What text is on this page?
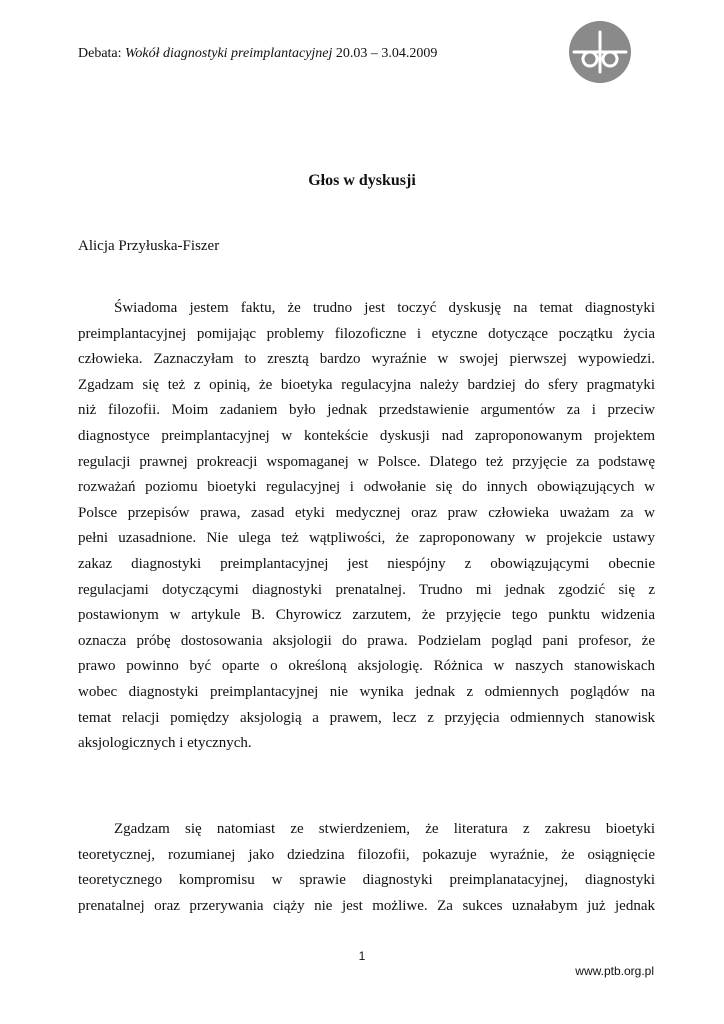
Debata: Wokół diagnostyki preimplantacyjnej 20.03 – 3.04.2009
Głos w dyskusji
Alicja Przyłuska-Fiszer
Świadoma jestem faktu, że trudno jest toczyć dyskusję na temat diagnostyki
preimplantacyjnej pomijając problemy filozoficzne i etyczne dotyczące początku życia
człowieka. Zaznaczyłam to zresztą bardzo wyraźnie w swojej pierwszej wypowiedzi.
Zgadzam się też z opinią, że bioetyka regulacyjna należy bardziej do sfery pragmatyki
niż filozofii. Moim zadaniem było jednak przedstawienie argumentów za i przeciw
diagnostyce preimplantacyjnej w kontekście dyskusji nad zaproponowanym projektem
regulacji prawnej prokreacji wspomaganej w Polsce. Dlatego też przyjęcie za podstawę
rozważań poziomu bioetyki regulacyjnej i odwołanie się do innych obowiązujących w
Polsce przepisów prawa, zasad etyki medycznej oraz praw człowieka uważam za w
pełni uzasadnione. Nie ulega też wątpliwości, że zaproponowany w projekcie ustawy
zakaz diagnostyki preimplantacyjnej jest niespójny z obowiązującymi obecnie
regulacjami dotyczącymi diagnostyki prenatalnej. Trudno mi jednak zgodzić się z
postawionym w artykule B. Chyrowicz zarzutem, że przyjęcie tego punktu widzenia
oznacza próbę dostosowania aksjologii do prawa. Podzielam pogląd pani profesor, że
prawo powinno być oparte o określoną aksjologię. Różnica w naszych stanowiskach
wobec diagnostyki preimplantacyjnej nie wynika jednak z odmiennych poglądów na
temat relacji pomiędzy aksjologią a prawem, lecz z przyjęcia odmiennych stanowisk
aksjologicznych i etycznych.
Zgadzam się natomiast ze stwierdzeniem, że literatura z zakresu bioetyki
teoretycznej, rozumianej jako dziedzina filozofii, pokazuje wyraźnie, że osiągnięcie
teoretycznego kompromisu w sprawie diagnostyki preimplanatacyjnej, diagnostyki
prenatalnej oraz przerywania ciąży nie jest możliwe. Za sukces uznałabym już jednak
1
www.ptb.org.pl
